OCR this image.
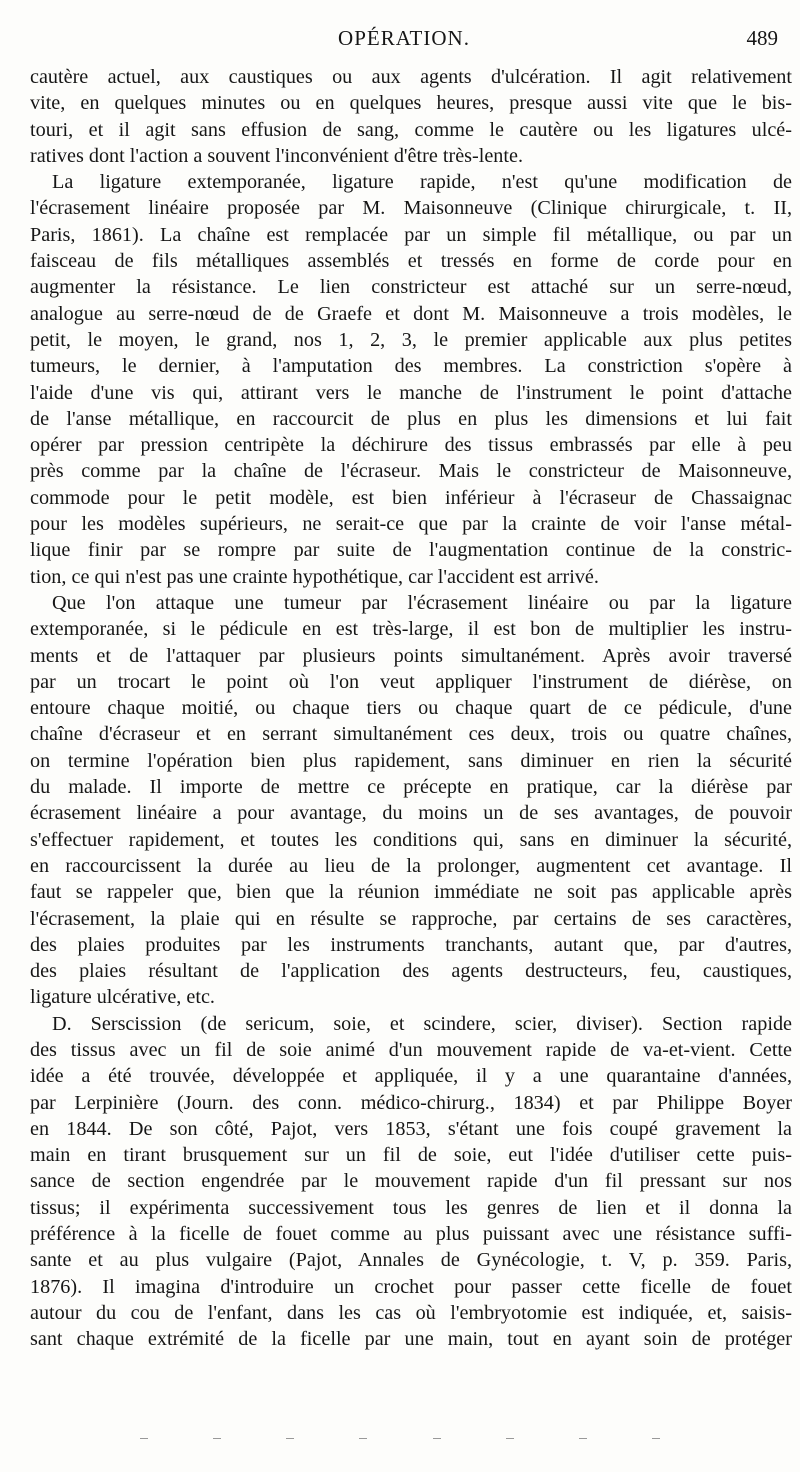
OPÉRATION.	489
cautère actuel, aux caustiques ou aux agents d'ulcération. Il agit relativement
vite, en quelques minutes ou en quelques heures, presque aussi vite que le bis-
touri, et il agit sans effusion de sang, comme le cautère ou les ligatures ulcé-
ratives dont l'action a souvent l'inconvénient d'être très-lente.
La ligature extemporanée, ligature rapide, n'est qu'une modification de
l'écrasement linéaire proposée par M. Maisonneuve (Clinique chirurgicale, t. II,
Paris, 1861). La chaîne est remplacée par un simple fil métallique, ou par un
faisceau de fils métalliques assemblés et tressés en forme de corde pour en
augmenter la résistance. Le lien constricteur est attaché sur un serre-nœud,
analogue au serre-nœud de de Graefe et dont M. Maisonneuve a trois modèles, le
petit, le moyen, le grand, nos 1, 2, 3, le premier applicable aux plus petites
tumeurs, le dernier, à l'amputation des membres. La constriction s'opère à
l'aide d'une vis qui, attirant vers le manche de l'instrument le point d'attache
de l'anse métallique, en raccourcit de plus en plus les dimensions et lui fait
opérer par pression centripète la déchirure des tissus embrassés par elle à peu
près comme par la chaîne de l'écraseur. Mais le constricteur de Maisonneuve,
commode pour le petit modèle, est bien inférieur à l'écraseur de Chassaignac
pour les modèles supérieurs, ne serait-ce que par la crainte de voir l'anse métal-
lique finir par se rompre par suite de l'augmentation continue de la constric-
tion, ce qui n'est pas une crainte hypothétique, car l'accident est arrivé.
Que l'on attaque une tumeur par l'écrasement linéaire ou par la ligature
extemporanée, si le pédicule en est très-large, il est bon de multiplier les instru-
ments et de l'attaquer par plusieurs points simultanément. Après avoir traversé
par un trocart le point où l'on veut appliquer l'instrument de diérèse, on
entoure chaque moitié, ou chaque tiers ou chaque quart de ce pédicule, d'une
chaîne d'écraseur et en serrant simultanément ces deux, trois ou quatre chaînes,
on termine l'opération bien plus rapidement, sans diminuer en rien la sécurité
du malade. Il importe de mettre ce précepte en pratique, car la diérèse par
écrasement linéaire a pour avantage, du moins un de ses avantages, de pouvoir
s'effectuer rapidement, et toutes les conditions qui, sans en diminuer la sécurité,
en raccourcissent la durée au lieu de la prolonger, augmentent cet avantage. Il
faut se rappeler que, bien que la réunion immédiate ne soit pas applicable après
l'écrasement, la plaie qui en résulte se rapproche, par certains de ses caractères,
des plaies produites par les instruments tranchants, autant que, par d'autres,
des plaies résultant de l'application des agents destructeurs, feu, caustiques,
ligature ulcérative, etc.
D. Serscission (de sericum, soie, et scindere, scier, diviser). Section rapide
des tissus avec un fil de soie animé d'un mouvement rapide de va-et-vient. Cette
idée a été trouvée, développée et appliquée, il y a une quarantaine d'années,
par Lerpinière (Journ. des conn. médico-chirurg., 1834) et par Philippe Boyer
en 1844. De son côté, Pajot, vers 1853, s'étant une fois coupé gravement la
main en tirant brusquement sur un fil de soie, eut l'idée d'utiliser cette puis-
sance de section engendrée par le mouvement rapide d'un fil pressant sur nos
tissus; il expérimenta successivement tous les genres de lien et il donna la
préférence à la ficelle de fouet comme au plus puissant avec une résistance suffi-
sante et au plus vulgaire (Pajot, Annales de Gynécologie, t. V, p. 359. Paris,
1876). Il imagina d'introduire un crochet pour passer cette ficelle de fouet
autour du cou de l'enfant, dans les cas où l'embryotomie est indiquée, et, saisis-
sant chaque extrémité de la ficelle par une main, tout en ayant soin de protéger
